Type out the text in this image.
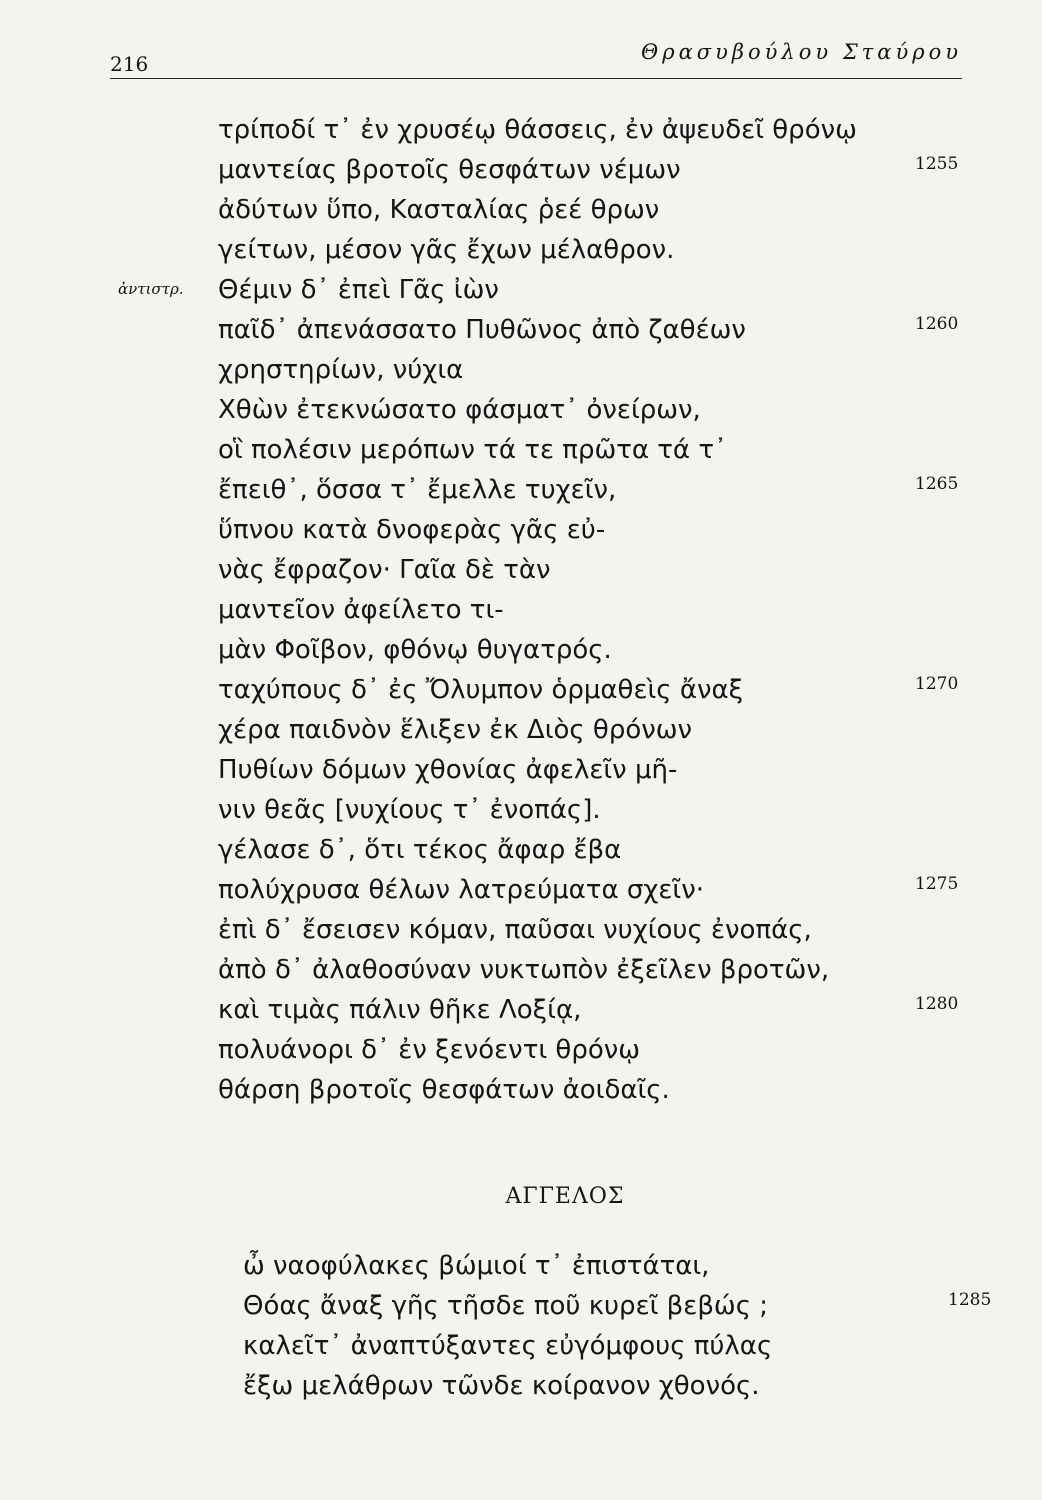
216	Θρασυβούλου Σταύρου
τρίποδί τ᾽ ἐν χρυσέῳ θάσσεις, ἐν ἀψευδεῖ θρόνῳ
μαντείας βροτοῖς θεσφάτων νέμων	1255
ἀδύτων ὕπο, Κασταλίας ῥεέ θρων
γείτων, μέσον γᾶς ἔχων μέλαθρον.
ἀντιστρ. Θέμιν δ᾽ ἐπεὶ Γᾶς ἰὼν
παῖδ᾽ ἀπενάσσατο Πυθῶνος ἀπὸ ζαθέων	1260
χρηστηρίων, νύχια
Χθὼν ἐτεκνώσατο φάσματ᾽ ὀνείρων,
οἳ πολέσιν μερόπων τά τε πρῶτα τά τ᾽
ἔπειθ᾽, ὅσσα τ᾽ ἔμελλε τυχεῖν,	1265
ὕπνου κατὰ δνοφερὰς γᾶς εὐ-
νὰς ἔφραζον· Γαῖα δὲ τὰν
μαντεῖον ἀφείλετο τι-
μὰν Φοῖβον, φθόνῳ θυγατρός.
ταχύπους δ᾽ ἐς Ὄλυμπον ὁρμαθεὶς ἄναξ	1270
χέρα παιδνὸν ἕλιξεν ἐκ Διὸς θρόνων
Πυθίων δόμων χθονίας ἀφελεῖν μῆ-
νιν θεᾶς [νυχίους τ᾽ ἐνοπάς].
γέλασε δ᾽, ὅτι τέκος ἄφαρ ἔβα
πολύχρυσα θέλων λατρεύματα σχεῖν·	1275
ἐπὶ δ᾽ ἔσεισεν κόμαν, παῦσαι νυχίους ἐνοπάς,
ἀπὸ δ᾽ ἀλαθοσύναν νυκτωπὸν ἐξεῖλεν βροτῶν,
καὶ τιμὰς πάλιν θῆκε Λοξίᾳ,	1280
πολυάνορι δ᾽ ἐν ξενόεντι θρόνῳ
θάρση βροτοῖς θεσφάτων ἀοιδαῖς.
ΑΓΓΕΛΟΣ
ὦ ναοφύλακες βώμιοί τ᾽ ἐπιστάται,
Θόας ἄναξ γῆς τῆσδε ποῦ κυρεῖ βεβώς ;	1285
καλεῖτ᾽ ἀναπτύξαντες εὐγόμφους πύλας
ἔξω μελάθρων τῶνδε κοίρανον χθονός.
